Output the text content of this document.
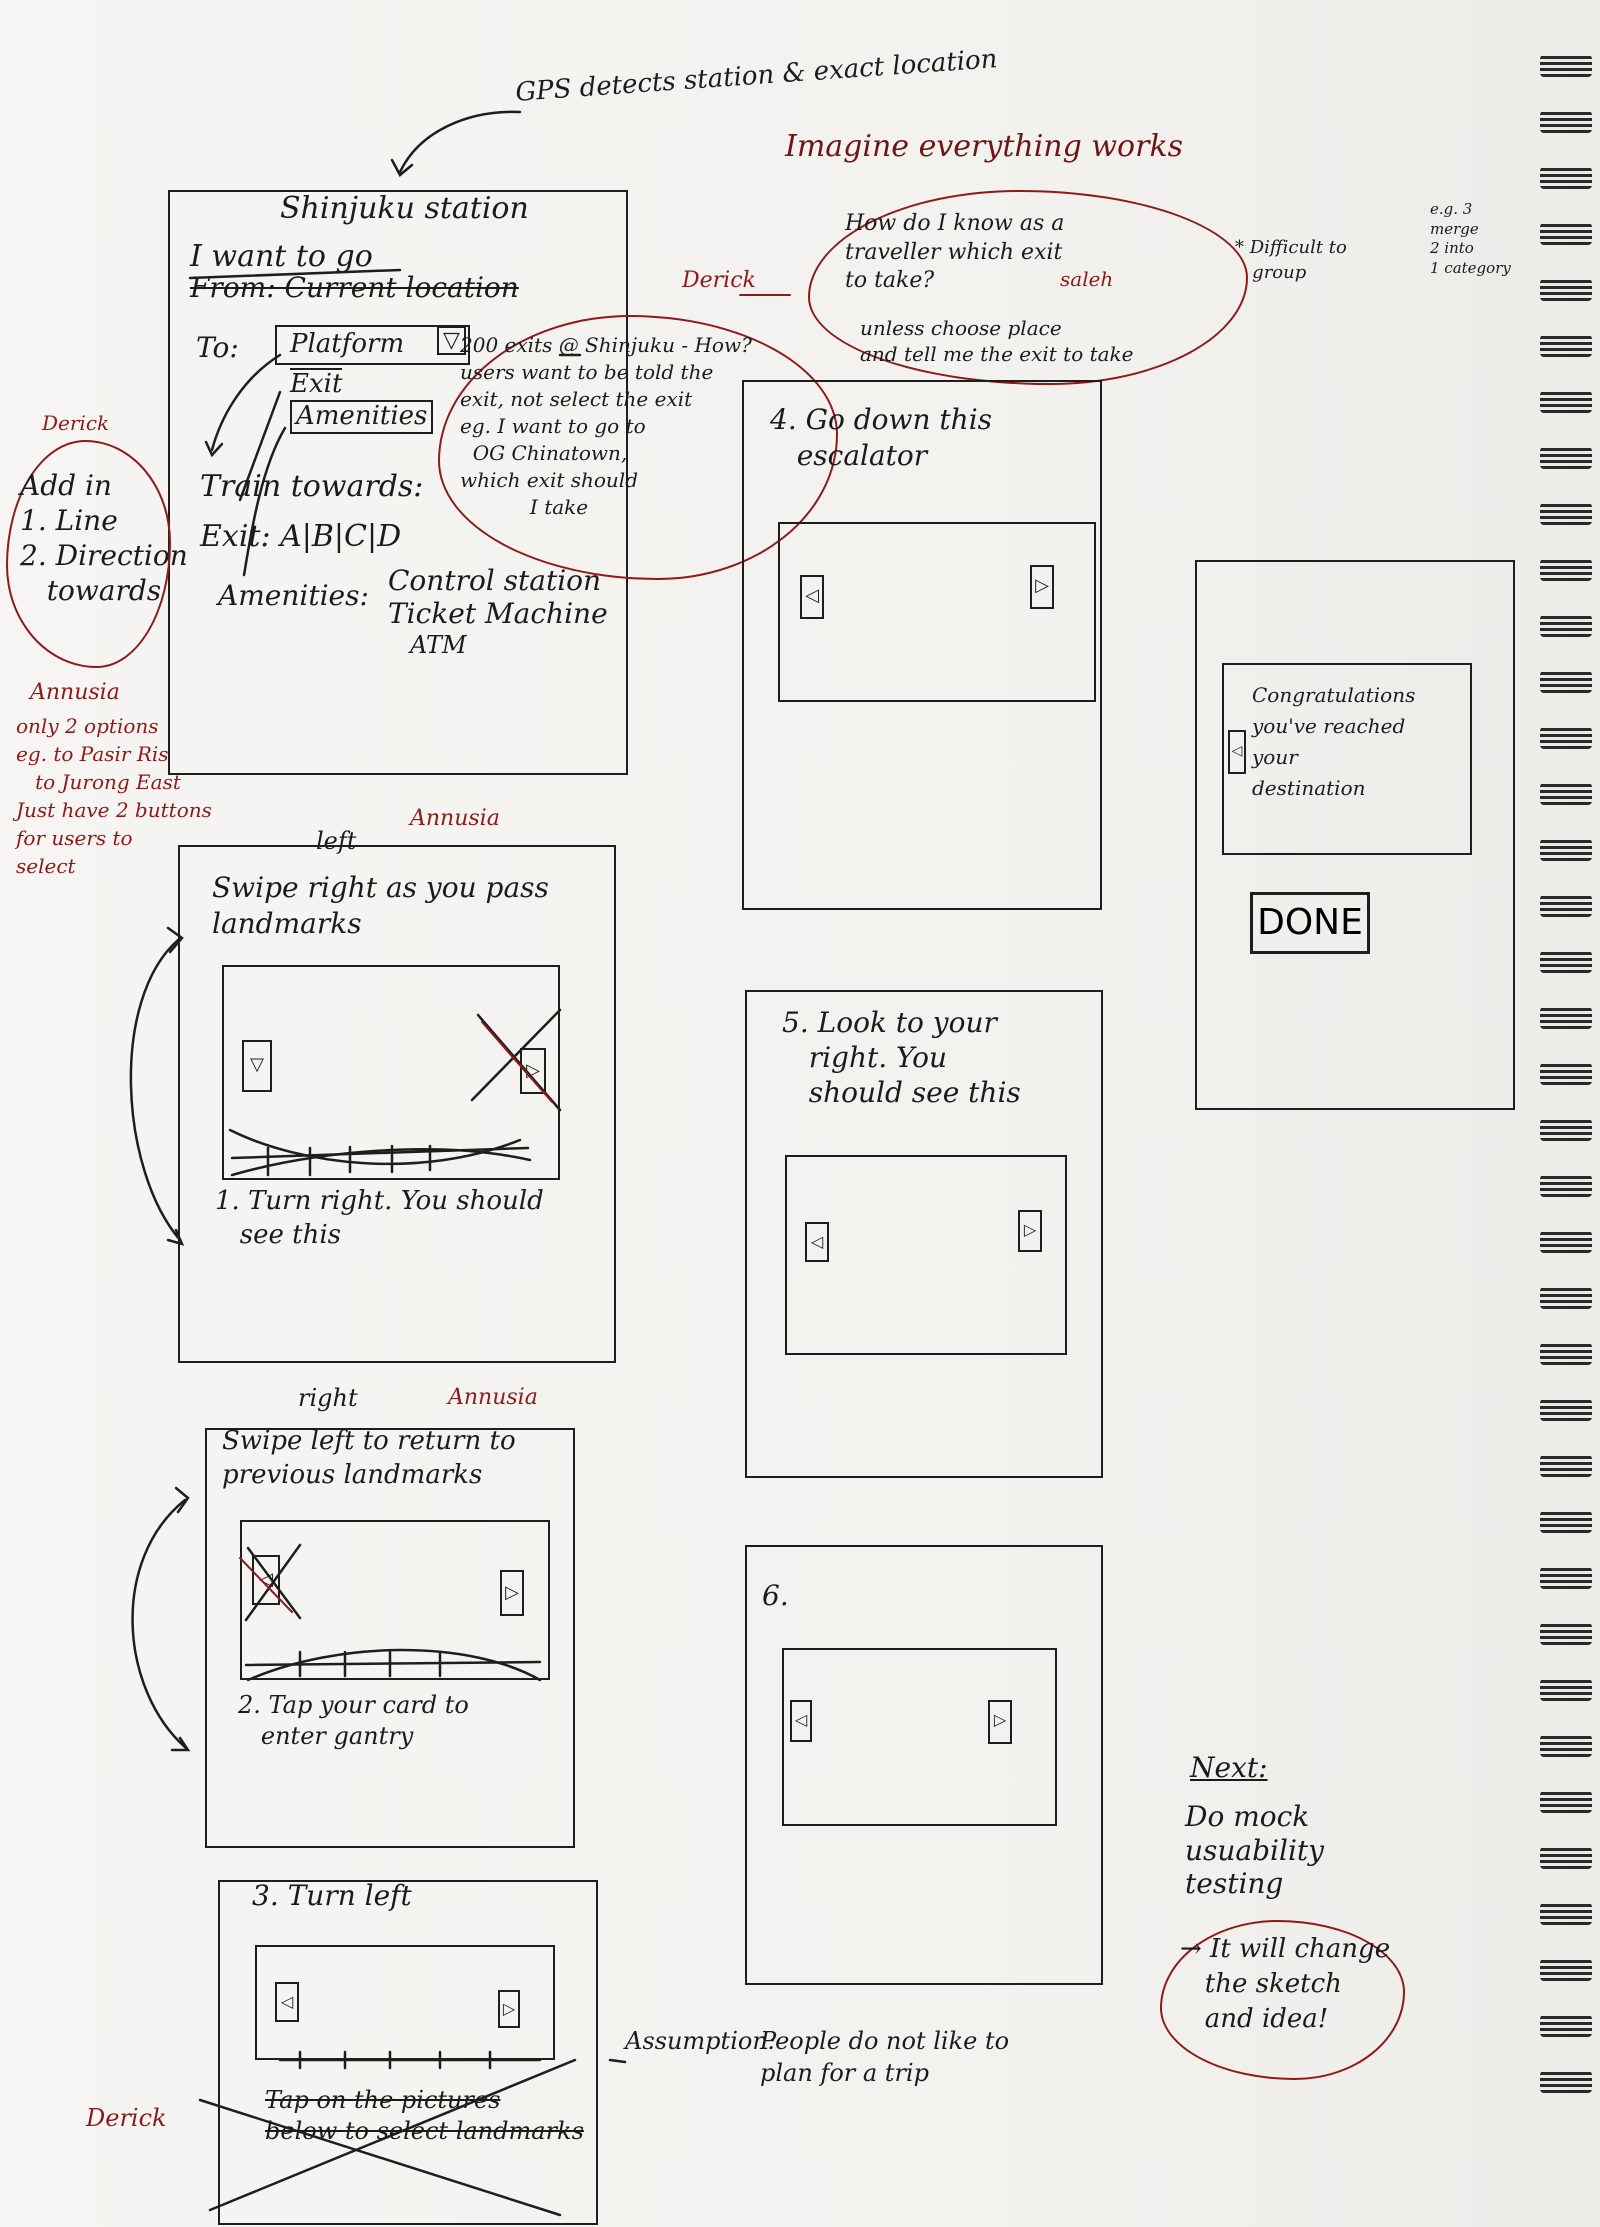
GPS detects station & exact location
Imagine everything works
Shinjuku station
I want to go
From: Current location
To: Platform ▽
Exit
Amenities
Train towards:
Exit: A|B|C|D
Amenities: Control station
Ticket Machine
ATM
Derick
Add in
1. Line
2. Direction
towards
Annusia
only 2 options
eg. to Pasir Ris
to Jurong East
Just have 2 buttons
for users to
select
Derick
200 exits @ Shinjuku - How?
users want to be told the
exit, not select the exit
eg. I want to go to
OG Chinatown,
which exit should
I take
How do I know as a
traveller which exit
to take?	saleh
unless choose place
and tell me the exit to take
* Difficult to
group
e.g. 3
merge
2 into
1 category
4. Go down this
escalator
◁	▷
Congratulations
you've reached
your
destination
◁
DONE
left
Annusia
Swipe right as you pass
landmarks
▽	▷
1. Turn right. You should
see this
right	Annusia
Swipe left to return to
previous landmarks
◁
▷
2. Tap your card to
enter gantry
3. Turn left
◁	▷
Tap on the pictures
below to select landmarks
Derick
5. Look to your
right. You
should see this
◁
▷
6.
◁	▷
Assumption:
People do not like to
plan for a trip
Next:
Do mock
usuability
testing
→ It will change
the sketch
and idea!
